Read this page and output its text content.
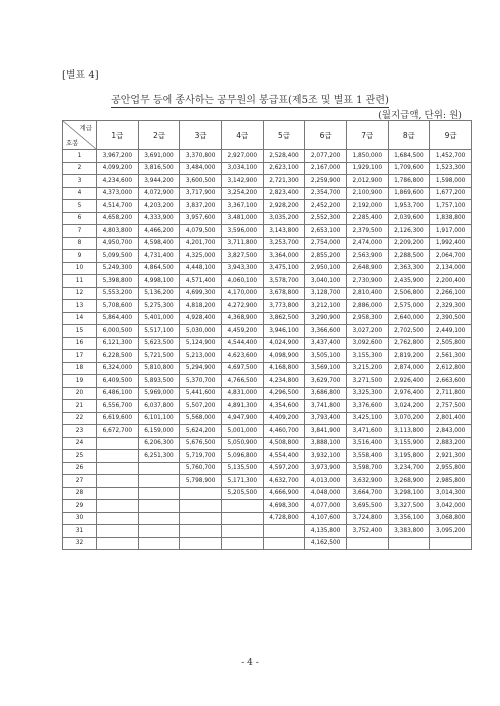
[별표 4]
공안업무 등에 종사하는 공무원의 봉급표(제5조 및 별표 1 관련)
(월지급액, 단위: 원)
계급
호봉	1급	2급	3급	4급	5급	6급	7급	8급	9급
1	3,967,200	3,691,000	3,370,800	2,927,000	2,528,400	2,077,200	1,850,000	1,684,500	1,452,700
2	4,099,200	3,816,500	3,484,000	3,034,100	2,623,100	2,167,000	1,929,100	1,709,600	1,523,300
3	4,234,600	3,944,200	3,600,500	3,142,900	2,721,300	2,259,900	2,012,900	1,786,800	1,598,000
4	4,373,000	4,072,900	3,717,900	3,254,200	2,823,400	2,354,700	2,100,900	1,869,600	1,677,200
5	4,514,700	4,203,200	3,837,200	3,367,100	2,928,200	2,452,200	2,192,000	1,953,700	1,757,100
6	4,658,200	4,333,900	3,957,600	3,481,000	3,035,200	2,552,300	2,285,400	2,039,600	1,838,800
7	4,803,800	4,466,200	4,079,500	3,596,000	3,143,800	2,653,100	2,379,500	2,126,300	1,917,000
8	4,950,700	4,598,400	4,201,700	3,711,800	3,253,700	2,754,000	2,474,000	2,209,200	1,992,400
9	5,099,500	4,731,400	4,325,000	3,827,500	3,364,000	2,855,200	2,563,900	2,288,500	2,064,700
10	5,249,300	4,864,500	4,448,100	3,943,300	3,475,100	2,950,100	2,648,900	2,363,300	2,134,000
11	5,398,800	4,998,100	4,571,400	4,060,100	3,578,700	3,040,100	2,730,900	2,435,900	2,200,400
12	5,553,200	5,136,200	4,699,300	4,170,000	3,678,800	3,128,700	2,810,400	2,506,800	2,266,100
13	5,708,600	5,275,300	4,818,200	4,272,900	3,773,800	3,212,100	2,886,000	2,575,000	2,329,300
14	5,864,400	5,401,000	4,928,400	4,368,900	3,862,500	3,290,900	2,958,300	2,640,000	2,390,500
15	6,000,500	5,517,100	5,030,000	4,459,200	3,946,100	3,366,600	3,027,200	2,702,500	2,449,100
16	6,121,300	5,623,500	5,124,900	4,544,400	4,024,900	3,437,400	3,092,600	2,762,800	2,505,800
17	6,228,500	5,721,500	5,213,000	4,623,600	4,098,900	3,505,100	3,155,300	2,819,200	2,561,300
18	6,324,000	5,810,800	5,294,900	4,697,500	4,168,800	3,569,100	3,215,200	2,874,000	2,612,800
19	6,409,500	5,893,500	5,370,700	4,766,500	4,234,800	3,629,700	3,271,500	2,926,400	2,663,600
20	6,486,100	5,969,000	5,441,600	4,831,000	4,296,500	3,686,800	3,325,300	2,976,400	2,711,800
21	6,556,700	6,037,800	5,507,200	4,891,300	4,354,600	3,741,800	3,376,600	3,024,200	2,757,500
22	6,619,600	6,101,100	5,568,000	4,947,900	4,409,200	3,793,400	3,425,100	3,070,200	2,801,400
23	6,672,700	6,159,000	5,624,200	5,001,000	4,460,700	3,841,900	3,471,600	3,113,800	2,843,000
24		6,206,300	5,676,500	5,050,900	4,508,800	3,888,100	3,516,400	3,155,900	2,883,200
25		6,251,300	5,719,700	5,096,800	4,554,400	3,932,100	3,558,400	3,195,800	2,921,300
26			5,760,700	5,135,500	4,597,200	3,973,900	3,598,700	3,234,700	2,955,800
27			5,798,900	5,171,300	4,632,700	4,013,000	3,632,900	3,268,900	2,985,800
28				5,205,500	4,666,900	4,048,000	3,664,700	3,298,100	3,014,300
29					4,698,300	4,077,000	3,695,500	3,327,500	3,042,000
30					4,728,800	4,107,600	3,724,800	3,356,100	3,068,800
31						4,135,800	3,752,400	3,383,800	3,095,200
32						4,162,500			
- 4 -
